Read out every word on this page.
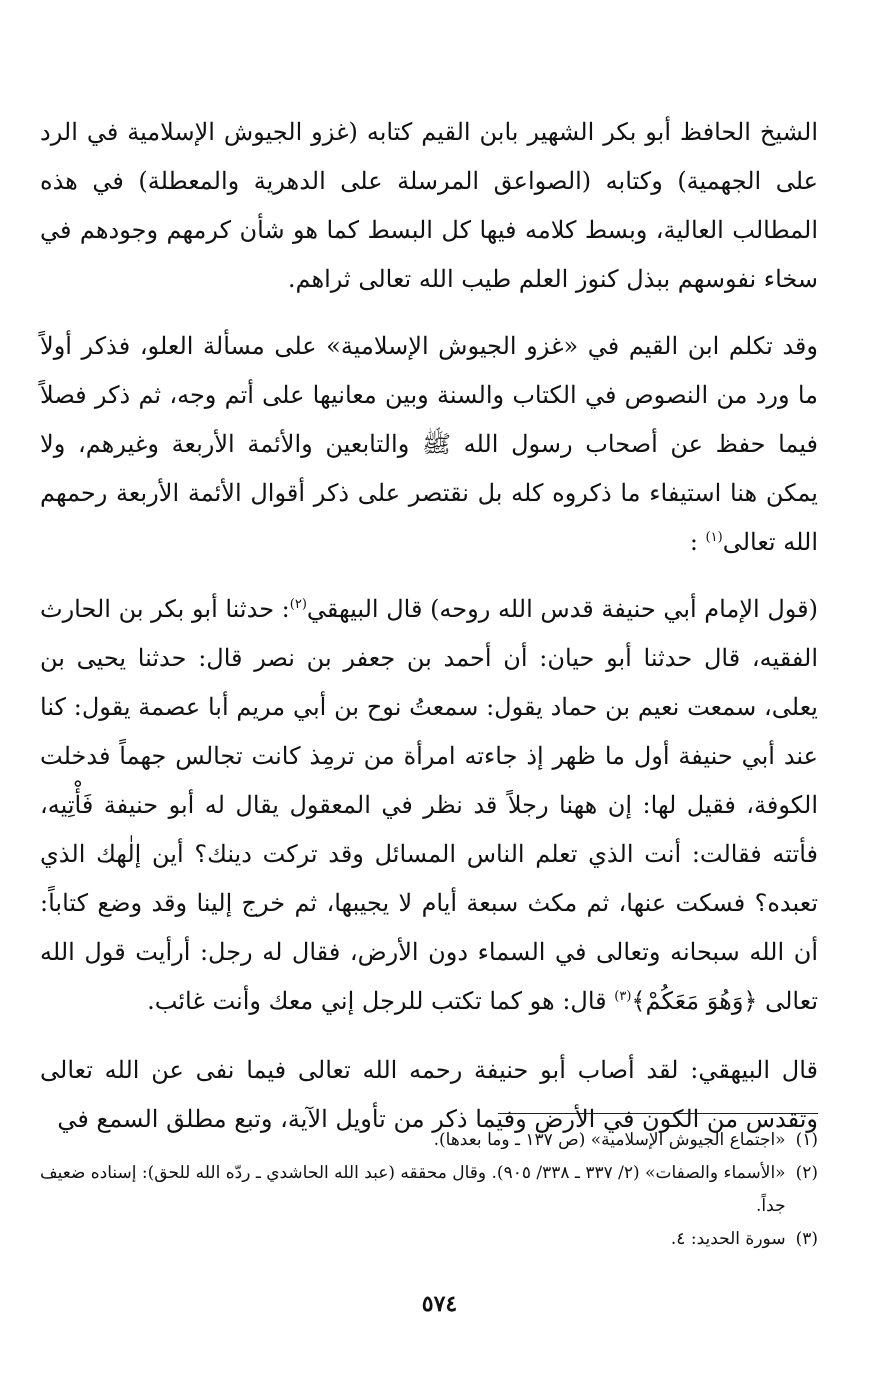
الشيخ الحافظ أبو بكر الشهير بابن القيم كتابه (غزو الجيوش الإسلامية في الرد على الجهمية) وكتابه (الصواعق المرسلة على الدهرية والمعطلة) في هذه المطالب العالية، وبسط كلامه فيها كل البسط كما هو شأن كرمهم وجودهم في سخاء نفوسهم ببذل كنوز العلم طيب الله تعالى ثراهم.

وقد تكلم ابن القيم في «غزو الجيوش الإسلامية» على مسألة العلو، فذكر أولاً ما ورد من النصوص في الكتاب والسنة وبين معانيها على أتم وجه، ثم ذكر فصلاً فيما حفظ عن أصحاب رسول الله ﷺ والتابعين والأئمة الأربعة وغيرهم، ولا يمكن هنا استيفاء ما ذكروه كله بل نقتصر على ذكر أقوال الأئمة الأربعة رحمهم الله تعالى$^{(١)}$ :

(قول الإمام أبي حنيفة قدس الله روحه) قال البيهقي$^{(٢)}$: حدثنا أبو بكر بن الحارث الفقيه، قال حدثنا أبو حيان: أن أحمد بن جعفر بن نصر قال: حدثنا يحيى بن يعلى، سمعت نعيم بن حماد يقول: سمعتُ نوح بن أبي مريم أبا عصمة يقول: كنا عند أبي حنيفة أول ما ظهر إذ جاءته امرأة من ترمِذ كانت تجالس جهماً فدخلت الكوفة، فقيل لها: إن ههنا رجلاً قد نظر في المعقول يقال له أبو حنيفة فَأْتِيه، فأتته فقالت: أنت الذي تعلم الناس المسائل وقد تركت دينك؟ أين إلٰهك الذي تعبده؟ فسكت عنها، ثم مكث سبعة أيام لا يجيبها، ثم خرج إلينا وقد وضع كتاباً: أن الله سبحانه وتعالى في السماء دون الأرض، فقال له رجل: أرأيت قول الله تعالى ﴿وَهُوَ مَعَكُمْ﴾$^{(٣)}$ قال: هو كما تكتب للرجل إني معك وأنت غائب.

قال البيهقي: لقد أصاب أبو حنيفة رحمه الله تعالى فيما نفى عن الله تعالى وتقدس من الكون في الأرض وفيما ذكر من تأويل الآية، وتبع مطلق السمع في

(١)
«اجتماع الجيوش الإسلامية» (ص ١٣٧ ـ وما بعدها).
(٢)
«الأسماء والصفات» (٢/ ٣٣٧ ـ ٣٣٨/ ٩٠٥). وقال محققه (عبد الله الحاشدي ـ ردّه الله للحق): إسناده ضعيف جداً.
(٣)
سورة الحديد: ٤.
٥٧٤
